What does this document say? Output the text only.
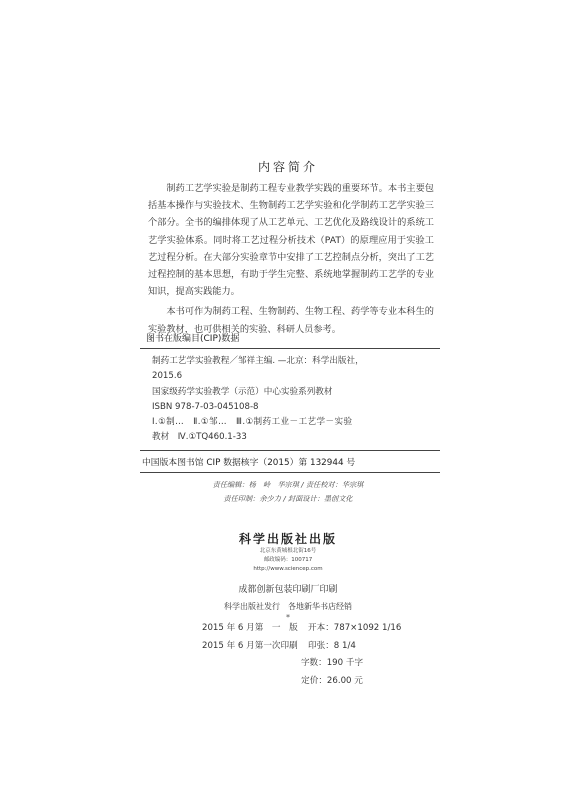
内容简介

制药工艺学实验是制药工程专业教学实践的重要环节。本书主要包括基本操作与实验技术、生物制药工艺学实验和化学制药工艺学实验三个部分。全书的编排体现了从工艺单元、工艺优化及路线设计的系统工艺学实验体系。同时将工艺过程分析技术（PAT）的原理应用于实验工艺过程分析。在大部分实验章节中安排了工艺控制点分析，突出了工艺过程控制的基本思想，有助于学生完整、系统地掌握制药工艺学的专业知识，提高实践能力。

本书可作为制药工程、生物制药、生物工程、药学等专业本科生的实验教材，也可供相关的实验、科研人员参考。

图书在版编目(CIP)数据
制药工艺学实验教程／邹祥主编. —北京：科学出版社，
2015.6
国家级药学实验教学（示范）中心实验系列教材
ISBN 978-7-03-045108-8
Ⅰ.①制…　Ⅱ.①邹…　Ⅲ.①制药工业－工艺学－实验
教材　Ⅳ.①TQ460.1-33
中国版本图书馆 CIP 数据核字（2015）第 132944 号
责任编辑：杨　岭　华宗琪 / 责任校对：华宗琪
责任印制：余少力 / 封面设计：墨创文化
科学出版社出版
北京东黄城根北街16号
邮政编码：100717
http://www.sciencep.com
成都创新包装印刷厂印刷
科学出版社发行　各地新华书店经销
*
2015 年 6 月第　一　版	开本：787×1092 1/16
2015 年 6 月第一次印刷	印张：8 1/4
字数：190 千字
定价：26.00 元
